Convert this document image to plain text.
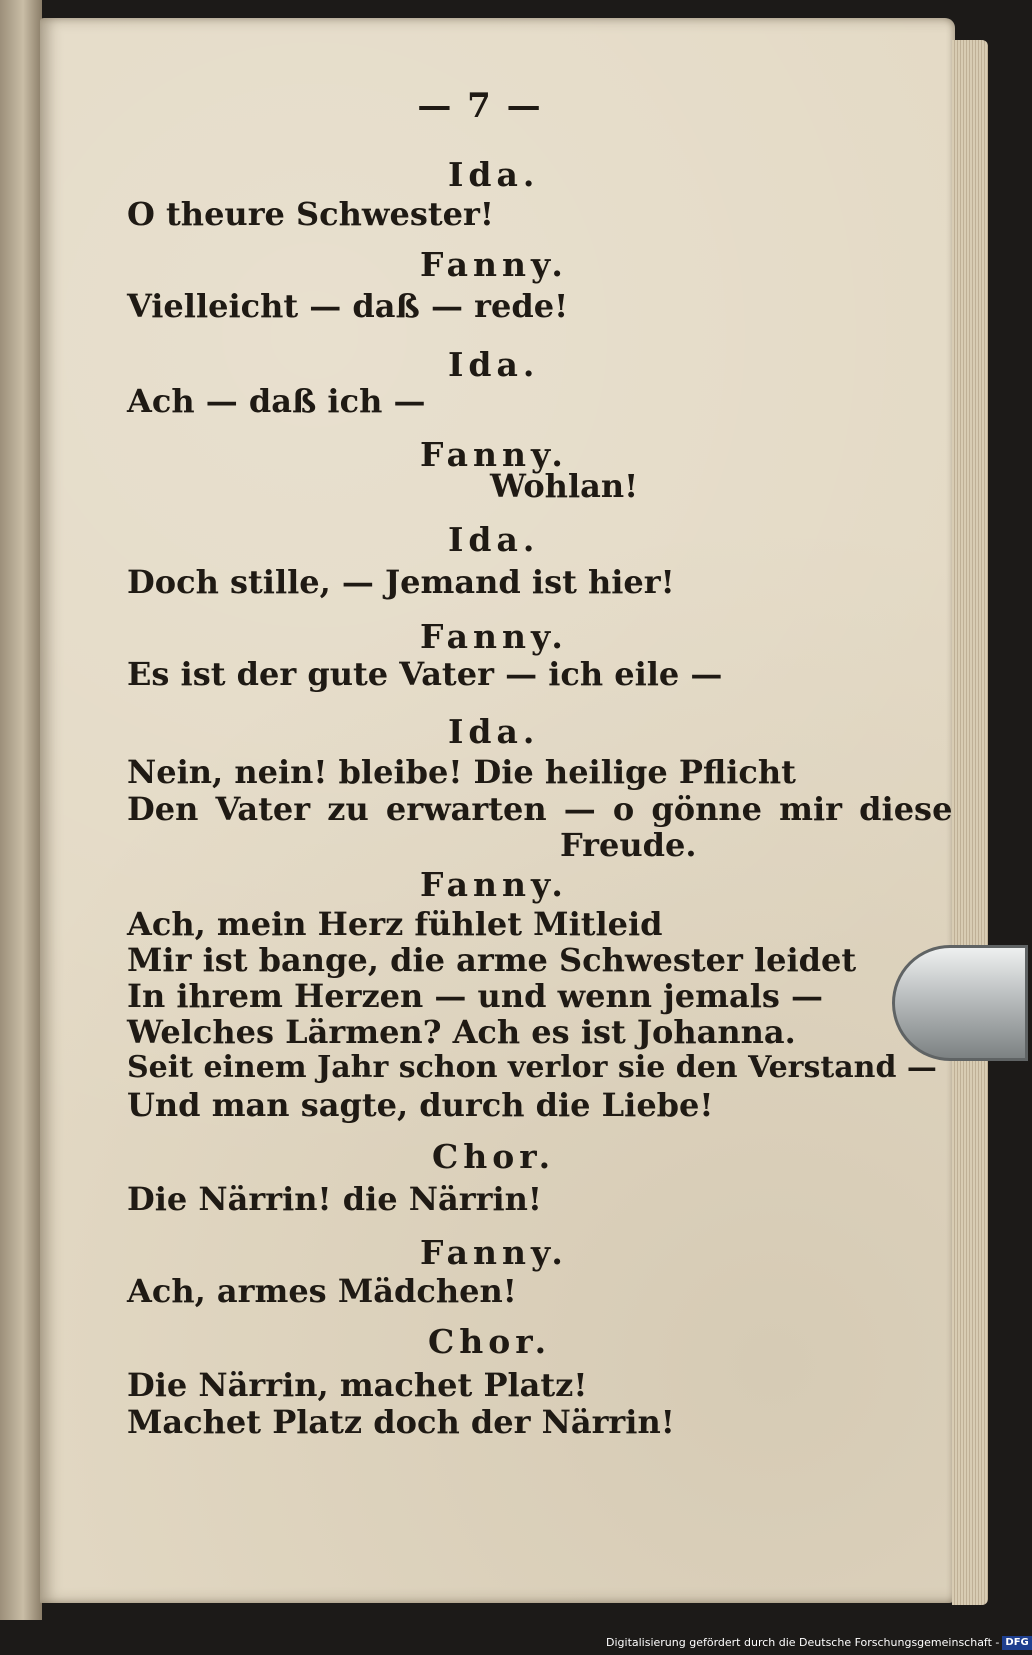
— 7 —
Ida.
O theure Schwester!
Fanny.
Vielleicht — daß — rede!
Ida.
Ach — daß ich —
Fanny.
Wohlan!
Ida.
Doch stille, — Jemand ist hier!
Fanny.
Es ist der gute Vater — ich eile —
Ida.
Nein, nein! bleibe! Die heilige Pflicht
Den Vater zu erwarten — o gönne mir diese
Freude.
Fanny.
Ach, mein Herz fühlet Mitleid
Mir ist bange, die arme Schwester leidet
In ihrem Herzen — und wenn jemals —
Welches Lärmen? Ach es ist Johanna.
Seit einem Jahr schon verlor sie den Verstand —
Und man sagte, durch die Liebe!
Chor.
Die Närrin! die Närrin!
Fanny.
Ach, armes Mädchen!
Chor.
Die Närrin, machet Platz!
Machet Platz doch der Närrin!
Digitalisierung gefördert durch die Deutsche Forschungsgemeinschaft - DFG
